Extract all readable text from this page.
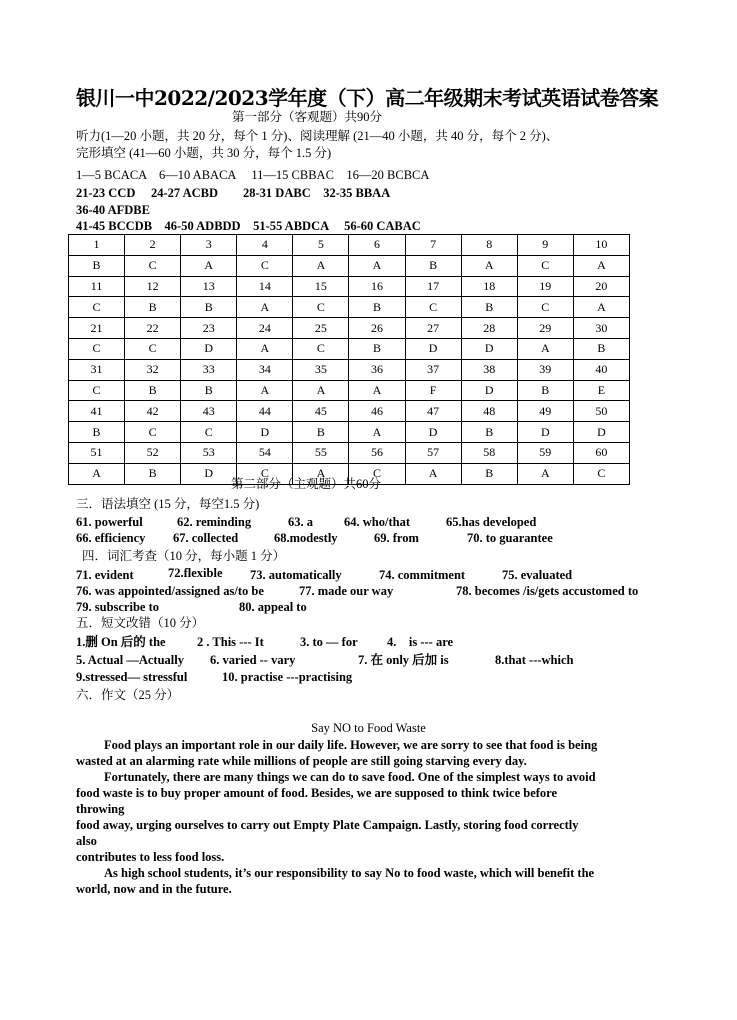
银川一中2022/2023学年度（下）高二年级期末考试英语试卷答案
第一部分（客观题）共90分
听力(1—20 小题，共 20 分，每个 1 分)、阅读理解 (21—40 小题，共 40 分，每个 2 分)、
完形填空 (41—60 小题，共 30 分，每个 1.5 分)
1—5 BCACA　6—10 ABACA　 11—15 CBBAC　16—20 BCBCA
21-23 CCD　 24-27 ACBD　　28-31 DABC　32-35 BBAA
36-40 AFDBE
41-45 BCCDB　46-50 ADBDD　51-55 ABDCA　 56-60 CABAC
1	2	3	4	5	6	7	8	9	10
B	C	A	C	A	A	B	A	C	A
11	12	13	14	15	16	17	18	19	20
C	B	B	A	C	B	C	B	C	A
21	22	23	24	25	26	27	28	29	30
C	C	D	A	C	B	D	D	A	B
31	32	33	34	35	36	37	38	39	40
C	B	B	A	A	A	F	D	B	E
41	42	43	44	45	46	47	48	49	50
B	C	C	D	B	A	D	B	D	D
51	52	53	54	55	56	57	58	59	60
A	B	D	C	A	C	A	B	A	C
第二部分（主观题）共60分
三．语法填空 (15 分，每空1.5 分)
61. powerful	62. reminding	63. a 64. who/that	65.has developed
66. efficiency 67. collected	68.modestly	69. from	70. to guarantee
四．词汇考查（10 分，每小题 1 分）
71. evident	72.flexible 73. automatically	74. commitment	75. evaluated
76. was appointed/assigned as/to be	77. made our way	78. becomes /is/gets accustomed to
79. subscribe to	80. appeal to
五．短文改错（10 分）
1.删 On 后的 the	2 . This --- It	3. to — for 4.　is --- are
5. Actual —Actually 6. varied -- vary	7. 在 only 后加 is	8.that ---which
9.stressed— stressful	10. practise ---practising
六．作文（25 分）
Say NO to Food Waste
Food plays an important role in our daily life. However, we are sorry to see that food is being
wasted at an alarming rate while millions of people are still going starving every day.
Fortunately, there are many things we can do to save food. One of the simplest ways to avoid
food waste is to buy proper amount of food. Besides, we are supposed to think twice before
throwing
food away, urging ourselves to carry out Empty Plate Campaign. Lastly, storing food correctly
also
contributes to less food loss.
As high school students, it’s our responsibility to say No to food waste, which will benefit the
world, now and in the future.
